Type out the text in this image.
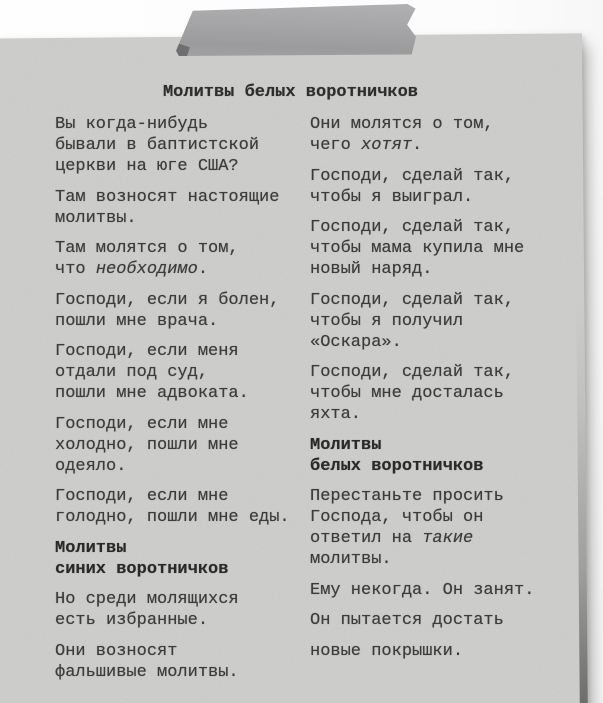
Молитвы белых воротничков
Вы когда-нибудь
бывали в баптистской
церкви на юге США?
Там возносят настоящие
молитвы.
Там молятся о том,
что необходимо.
Господи, если я болен,
пошли мне врача.
Господи, если меня
отдали под суд,
пошли мне адвоката.
Господи, если мне
холодно, пошли мне
одеяло.
Господи, если мне
голодно, пошли мне еды.
Молитвы
синих воротничков
Но среди молящихся
есть избранные.
Они возносят
фальшивые молитвы.
Они молятся о том,
чего хотят.
Господи, сделай так,
чтобы я выиграл.
Господи, сделай так,
чтобы мама купила мне
новый наряд.
Господи, сделай так,
чтобы я получил
«Оскара».
Господи, сделай так,
чтобы мне досталась
яхта.
Молитвы
белых воротничков
Перестаньте просить
Господа, чтобы он
ответил на такие
молитвы.
Ему некогда. Он занят.
Он пытается достать
новые покрышки.
